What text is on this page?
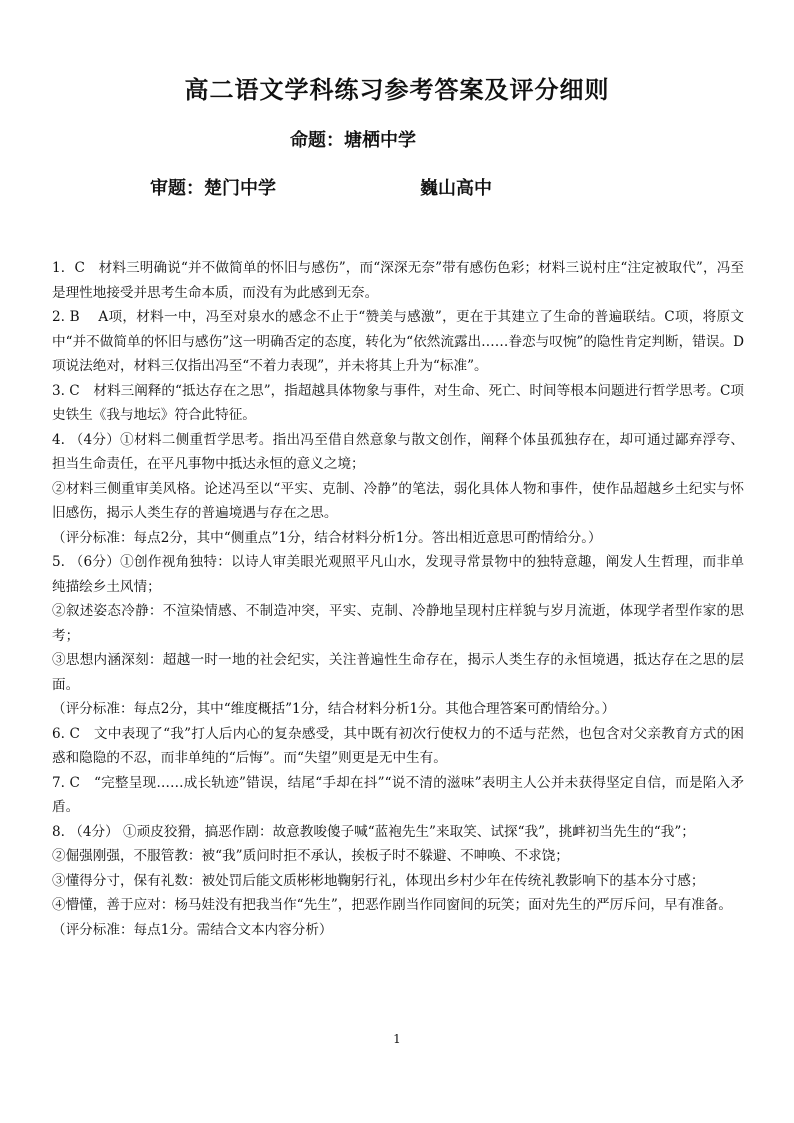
高二语文学科练习参考答案及评分细则
命题：塘栖中学
审题：楚门中学	巍山高中

1．C　材料三明确说“并不做简单的怀旧与感伤”，而“深深无奈”带有感伤色彩；材料三说村庄“注定被取代”，冯至是理性地接受并思考生命本质，而没有为此感到无奈。

2. B　 A项，材料一中，冯至对泉水的感念不止于“赞美与感激”，更在于其建立了生命的普遍联结。C项，将原文中“并不做简单的怀旧与感伤”这一明确否定的态度，转化为“依然流露出……眷恋与叹惋”的隐性肯定判断，错误。D项说法绝对，材料三仅指出冯至“不着力表现”，并未将其上升为“标准”。

3. C　材料三阐释的“抵达存在之思”，指超越具体物象与事件，对生命、死亡、时间等根本问题进行哲学思考。C项史铁生《我与地坛》符合此特征。

4. （4分）①材料二侧重哲学思考。指出冯至借自然意象与散文创作，阐释个体虽孤独存在，却可通过鄙弃浮夸、担当生命责任，在平凡事物中抵达永恒的意义之境；

②材料三侧重审美风格。论述冯至以“平实、克制、冷静”的笔法，弱化具体人物和事件，使作品超越乡土纪实与怀旧感伤，揭示人类生存的普遍境遇与存在之思。

（评分标准：每点2分，其中“侧重点”1分，结合材料分析1分。答出相近意思可酌情给分。）

5. （6分）①创作视角独特：以诗人审美眼光观照平凡山水，发现寻常景物中的独特意趣，阐发人生哲理，而非单纯描绘乡土风情；

②叙述姿态冷静：不渲染情感、不制造冲突，平实、克制、冷静地呈现村庄样貌与岁月流逝，体现学者型作家的思考；

③思想内涵深刻：超越一时一地的社会纪实，关注普遍性生命存在，揭示人类生存的永恒境遇，抵达存在之思的层面。

（评分标准：每点2分，其中“维度概括”1分，结合材料分析1分。其他合理答案可酌情给分。）

6. C　文中表现了“我”打人后内心的复杂感受，其中既有初次行使权力的不适与茫然，也包含对父亲教育方式的困惑和隐隐的不忍，而非单纯的“后悔”。而“失望”则更是无中生有。

7. C　“完整呈现……成长轨迹”错误，结尾“手却在抖”“说不清的滋味”表明主人公并未获得坚定自信，而是陷入矛盾。

8. （4分） ①顽皮狡猾，搞恶作剧：故意教唆傻子喊“蓝袍先生”来取笑、试探“我”，挑衅初当先生的“我”；

②倔强刚强，不服管教：被“我”质问时拒不承认，挨板子时不躲避、不呻唤、不求饶；

③懂得分寸，保有礼数：被处罚后能文质彬彬地鞠躬行礼，体现出乡村少年在传统礼教影响下的基本分寸感；

④懵懂，善于应对：杨马娃没有把我当作“先生”，把恶作剧当作同窗间的玩笑；面对先生的严厉斥问，早有准备。

（评分标准：每点1分。需结合文本内容分析）

1
